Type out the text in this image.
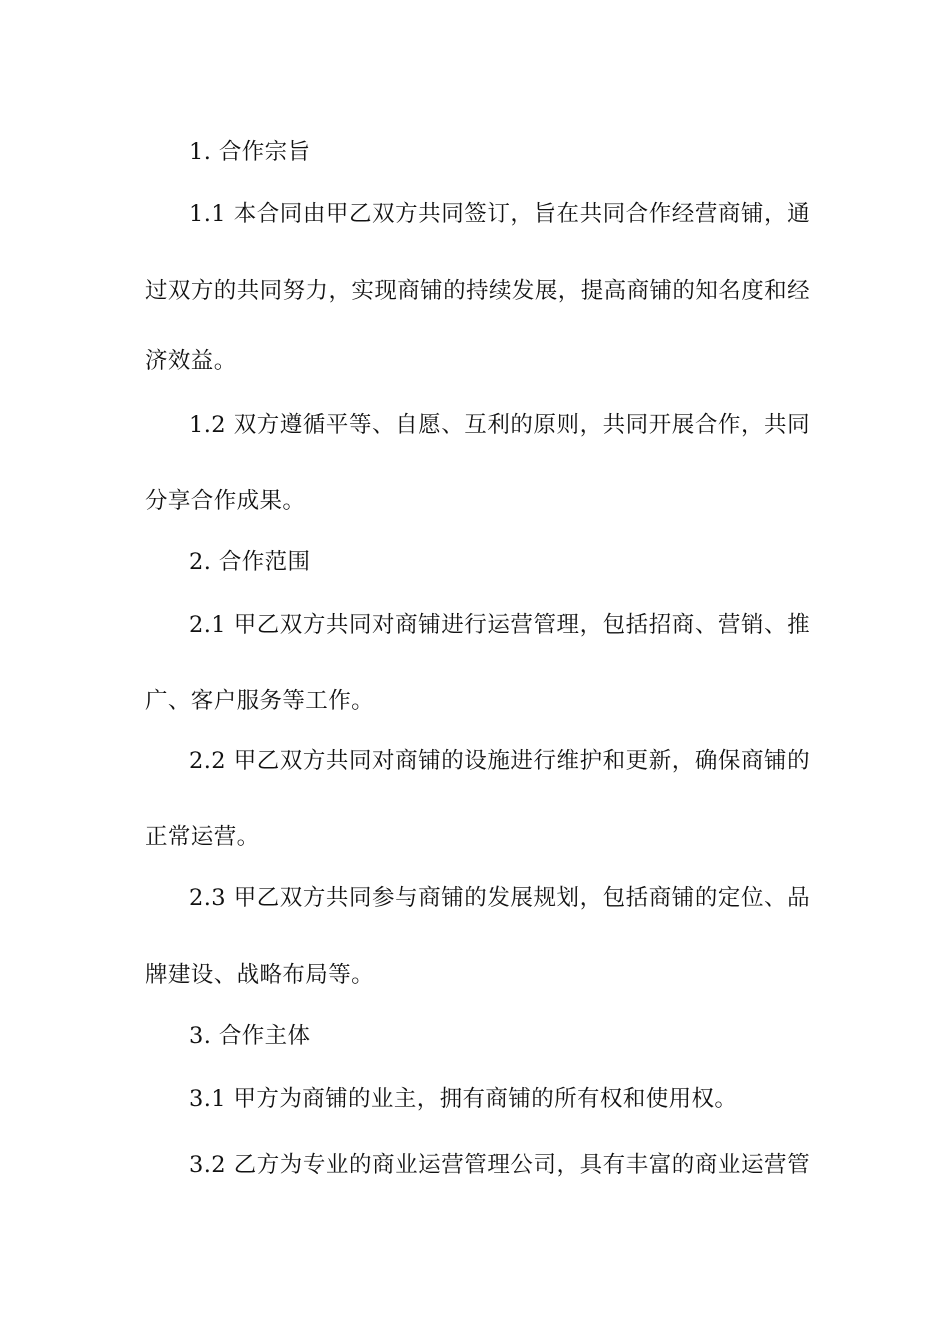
1. 合作宗旨
1.1 本合同由甲乙双方共同签订，旨在共同合作经营商铺，通
过双方的共同努力，实现商铺的持续发展，提高商铺的知名度和经
济效益。
1.2 双方遵循平等、自愿、互利的原则，共同开展合作，共同
分享合作成果。
2. 合作范围
2.1 甲乙双方共同对商铺进行运营管理，包括招商、营销、推
广、客户服务等工作。
2.2 甲乙双方共同对商铺的设施进行维护和更新，确保商铺的
正常运营。
2.3 甲乙双方共同参与商铺的发展规划，包括商铺的定位、品
牌建设、战略布局等。
3. 合作主体
3.1 甲方为商铺的业主，拥有商铺的所有权和使用权。
3.2 乙方为专业的商业运营管理公司，具有丰富的商业运营管
